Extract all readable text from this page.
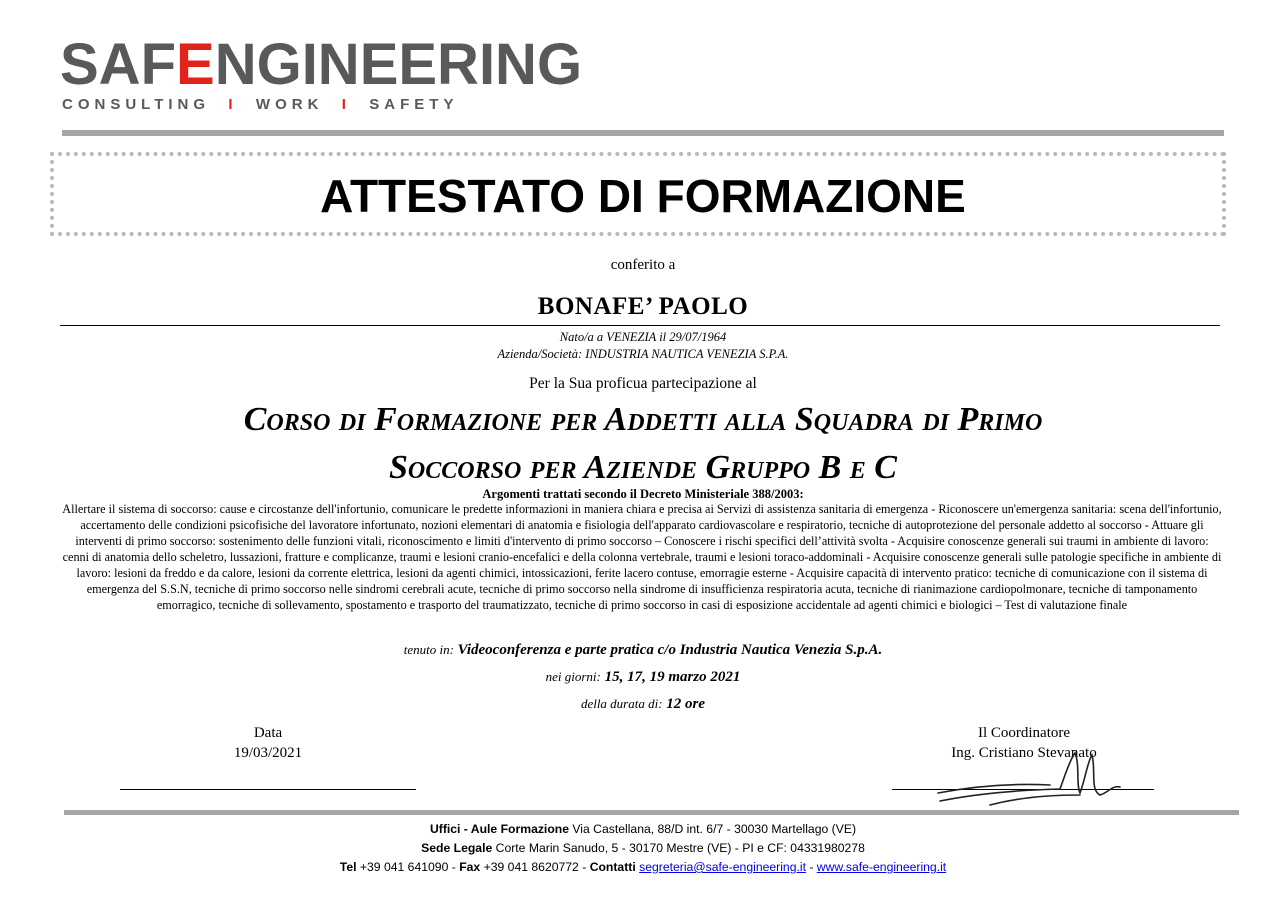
SAFENGINEERING
CONSULTING I WORK I SAFETY
ATTESTATO DI FORMAZIONE
conferito a
BONAFE’ PAOLO
Nato/a a VENEZIA il 29/07/1964
Azienda/Società: INDUSTRIA NAUTICA VENEZIA S.P.A.
Per la Sua proficua partecipazione al
Corso di Formazione per Addetti alla Squadra di Primo
Soccorso per Aziende Gruppo B e C
Argomenti trattati secondo il Decreto Ministeriale 388/2003:
Allertare il sistema di soccorso: cause e circostanze dell'infortunio, comunicare le predette informazioni in maniera chiara e precisa ai Servizi di assistenza sanitaria di emergenza - Riconoscere un'emergenza sanitaria: scena dell'infortunio, accertamento delle condizioni psicofisiche del lavoratore infortunato, nozioni elementari di anatomia e fisiologia dell'apparato cardiovascolare e respiratorio, tecniche di autoprotezione del personale addetto al soccorso - Attuare gli interventi di primo soccorso: sostenimento delle funzioni vitali, riconoscimento e limiti d'intervento di primo soccorso – Conoscere i rischi specifici dell’attività svolta - Acquisire conoscenze generali sui traumi in ambiente di lavoro: cenni di anatomia dello scheletro, lussazioni, fratture e complicanze, traumi e lesioni cranio-encefalici e della colonna vertebrale, traumi e lesioni toraco-addominali - Acquisire conoscenze generali sulle patologie specifiche in ambiente di lavoro: lesioni da freddo e da calore, lesioni da corrente elettrica, lesioni da agenti chimici, intossicazioni, ferite lacero contuse, emorragie esterne - Acquisire capacità di intervento pratico: tecniche di comunicazione con il sistema di emergenza del S.S.N, tecniche di primo soccorso nelle sindromi cerebrali acute, tecniche di primo soccorso nella sindrome di insufficienza respiratoria acuta, tecniche di rianimazione cardiopolmonare, tecniche di tamponamento emorragico, tecniche di sollevamento, spostamento e trasporto del traumatizzato, tecniche di primo soccorso in casi di esposizione accidentale ad agenti chimici e biologici – Test di valutazione finale
tenuto in: Videoconferenza e parte pratica c/o Industria Nautica Venezia S.p.A.
nei giorni: 15, 17, 19 marzo 2021
della durata di: 12 ore
Data
19/03/2021
Il Coordinatore
Ing. Cristiano Stevanato
Uffici - Aule Formazione Via Castellana, 88/D int. 6/7 - 30030 Martellago (VE)
Sede Legale Corte Marin Sanudo, 5 - 30170 Mestre (VE) - PI e CF: 04331980278
Tel +39 041 641090 - Fax +39 041 8620772 - Contatti segreteria@safe-engineering.it - www.safe-engineering.it
